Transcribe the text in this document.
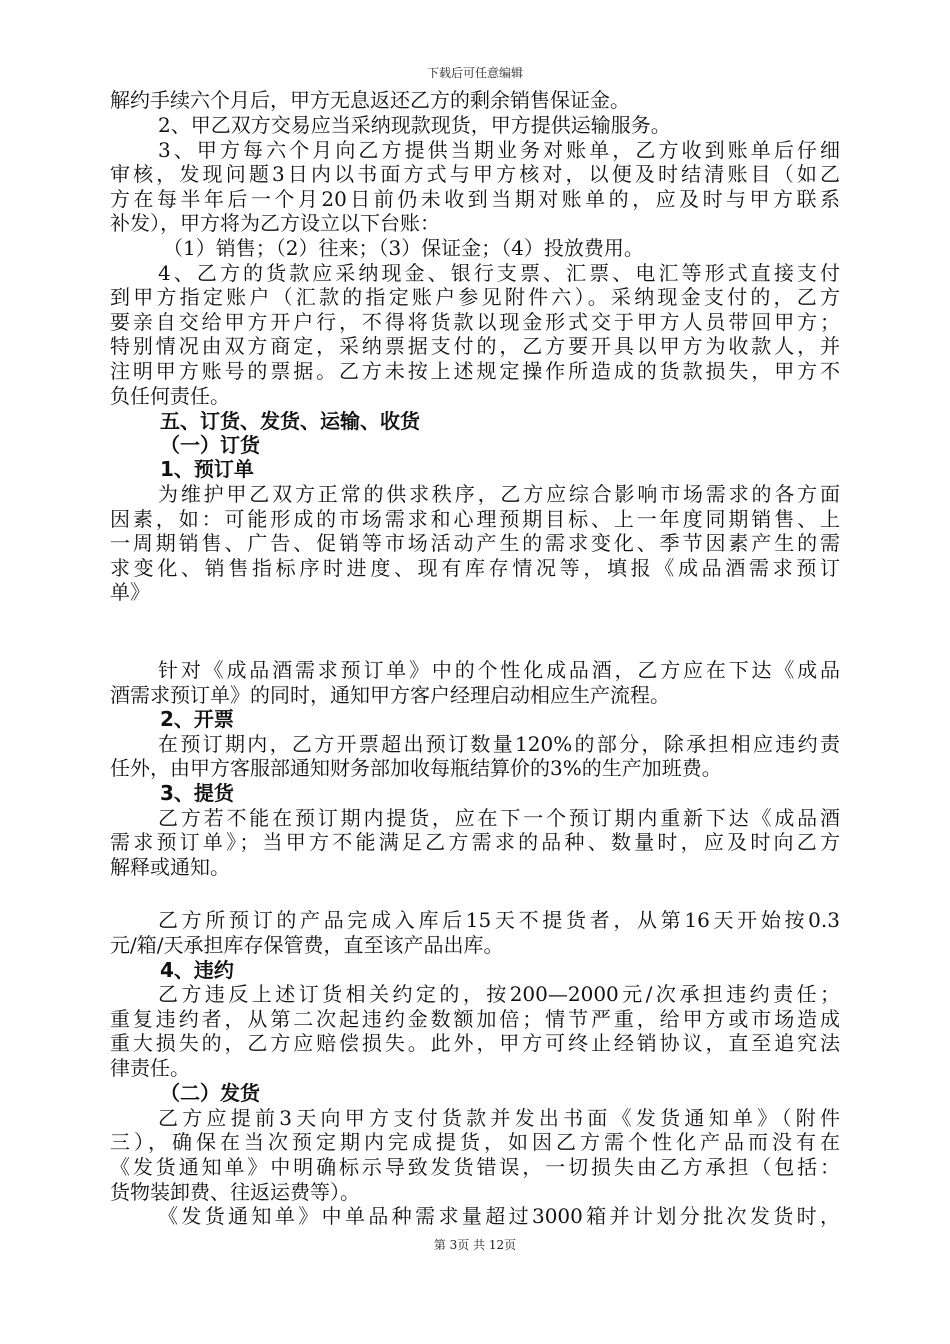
下载后可任意编辑
解约手续六个月后，甲方无息返还乙方的剩余销售保证金。
2、甲乙双方交易应当采纳现款现货，甲方提供运输服务。
3、甲方每六个月向乙方提供当期业务对账单，乙方收到账单后仔细
审核，发现问题3日内以书面方式与甲方核对，以便及时结清账目（如乙
方在每半年后一个月20日前仍未收到当期对账单的，应及时与甲方联系
补发），甲方将为乙方设立以下台账：
（1）销售；（2）往来；（3）保证金；（4）投放费用。
4、乙方的货款应采纳现金、银行支票、汇票、电汇等形式直接支付
到甲方指定账户（汇款的指定账户参见附件六）。采纳现金支付的，乙方
要亲自交给甲方开户行，不得将货款以现金形式交于甲方人员带回甲方；
特别情况由双方商定，采纳票据支付的，乙方要开具以甲方为收款人，并
注明甲方账号的票据。乙方未按上述规定操作所造成的货款损失，甲方不
负任何责任。
五、订货、发货、运输、收货
（一）订货
1、预订单
为维护甲乙双方正常的供求秩序，乙方应综合影响市场需求的各方面
因素，如：可能形成的市场需求和心理预期目标、上一年度同期销售、上
一周期销售、广告、促销等市场活动产生的需求变化、季节因素产生的需
求变化、销售指标序时进度、现有库存情况等，填报《成品酒需求预订
单》
针对《成品酒需求预订单》中的个性化成品酒，乙方应在下达《成品
酒需求预订单》的同时，通知甲方客户经理启动相应生产流程。
2、开票
在预订期内，乙方开票超出预订数量120%的部分，除承担相应违约责
任外，由甲方客服部通知财务部加收每瓶结算价的3%的生产加班费。
3、提货
乙方若不能在预订期内提货，应在下一个预订期内重新下达《成品酒
需求预订单》；当甲方不能满足乙方需求的品种、数量时，应及时向乙方
解释或通知。
乙方所预订的产品完成入库后15天不提货者，从第16天开始按0.3
元/箱/天承担库存保管费，直至该产品出库。
4、违约
乙方违反上述订货相关约定的，按200—2000元/次承担违约责任；
重复违约者，从第二次起违约金数额加倍；情节严重，给甲方或市场造成
重大损失的，乙方应赔偿损失。此外，甲方可终止经销协议，直至追究法
律责任。
（二）发货
乙方应提前3天向甲方支付货款并发出书面《发货通知单》（附件
三），确保在当次预定期内完成提货，如因乙方需个性化产品而没有在
《发货通知单》中明确标示导致发货错误，一切损失由乙方承担（包括：
货物装卸费、往返运费等）。
《发货通知单》中单品种需求量超过3000箱并计划分批次发货时，
第 3页 共 12页
